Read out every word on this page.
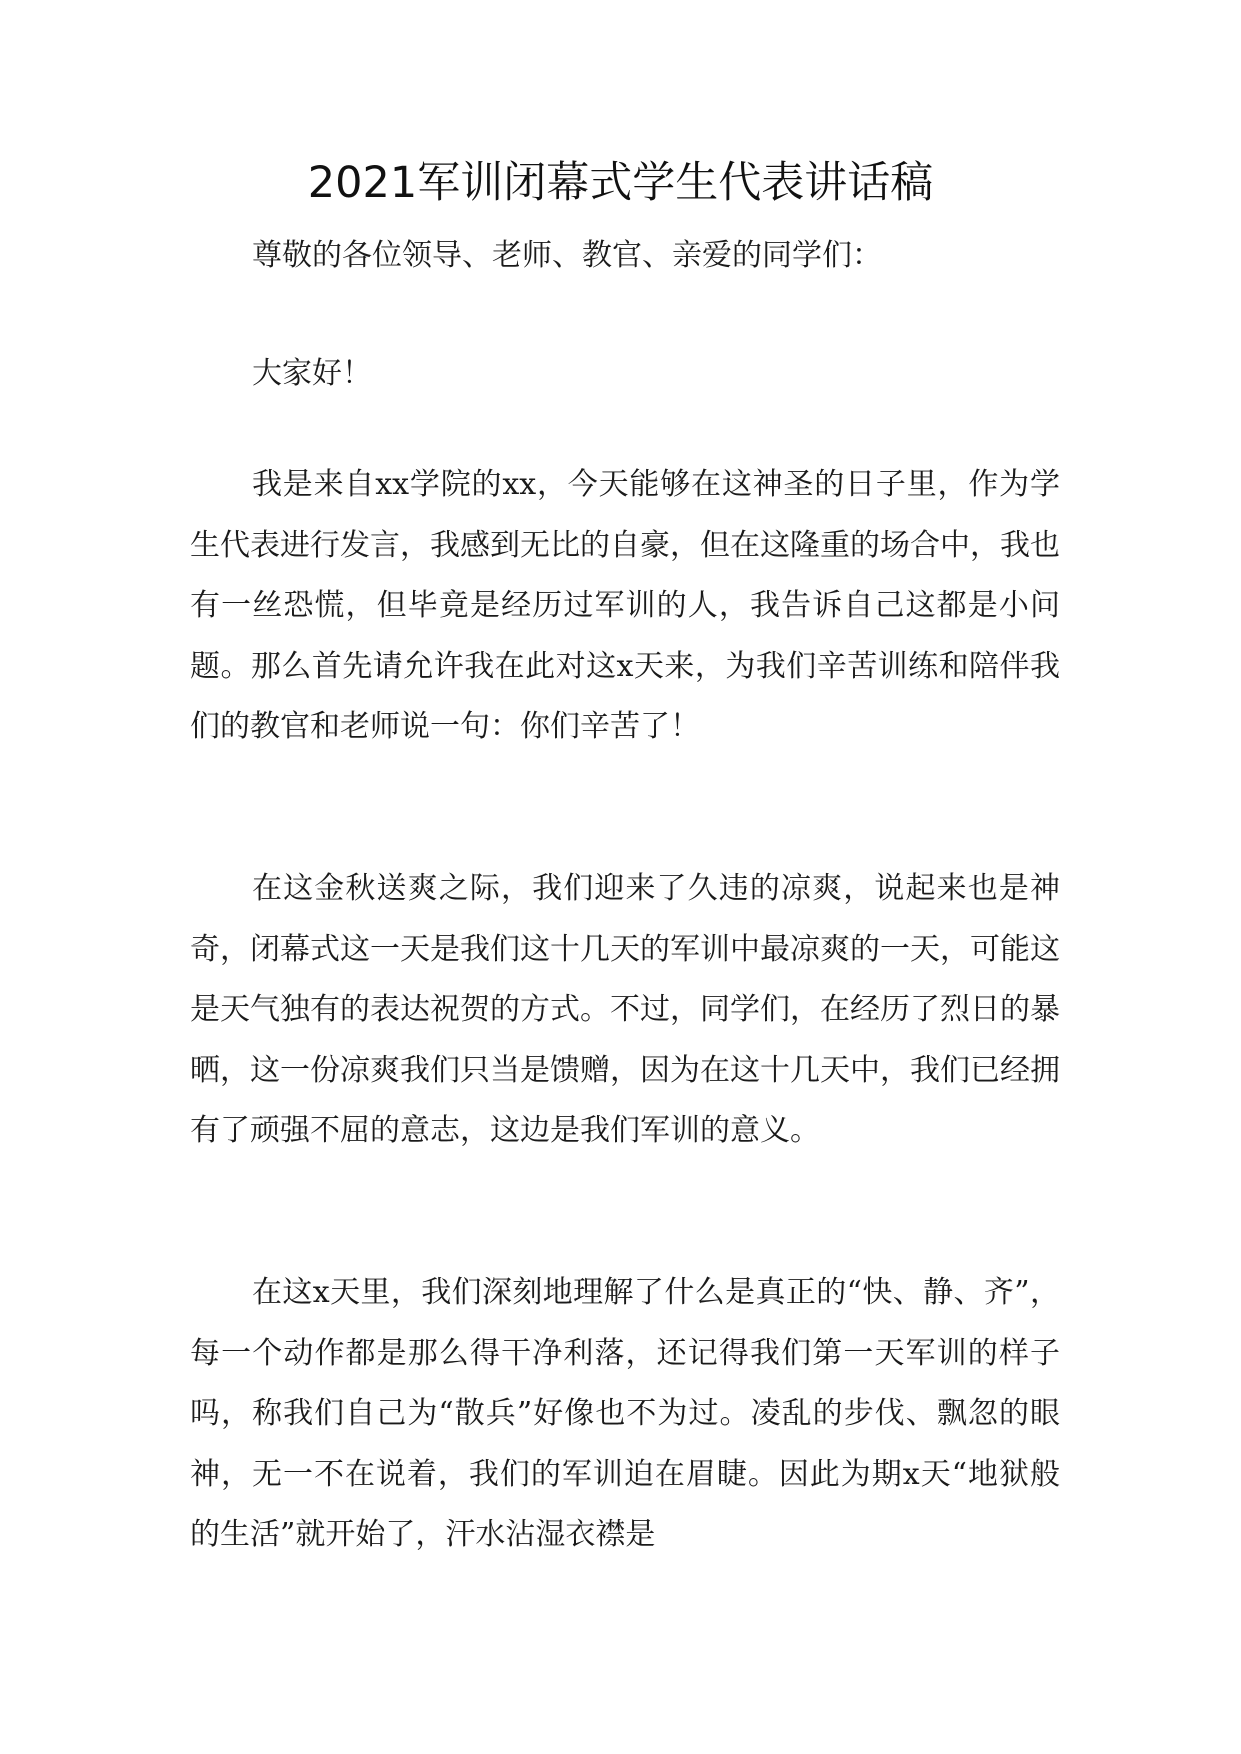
2021军训闭幕式学生代表讲话稿

尊敬的各位领导、老师、教官、亲爱的同学们：

大家好！

我是来自xx学院的xx，今天能够在这神圣的日子里，作为学生代表进行发言，我感到无比的自豪，但在这隆重的场合中，我也有一丝恐慌，但毕竟是经历过军训的人，我告诉自己这都是小问题。那么首先请允许我在此对这x天来，为我们辛苦训练和陪伴我们的教官和老师说一句：你们辛苦了！

在这金秋送爽之际，我们迎来了久违的凉爽，说起来也是神奇，闭幕式这一天是我们这十几天的军训中最凉爽的一天，可能这是天气独有的表达祝贺的方式。不过，同学们，在经历了烈日的暴晒，这一份凉爽我们只当是馈赠，因为在这十几天中，我们已经拥有了顽强不屈的意志，这边是我们军训的意义。

在这x天里，我们深刻地理解了什么是真正的“快、静、齐”，每一个动作都是那么得干净利落，还记得我们第一天军训的样子吗，称我们自己为“散兵”好像也不为过。凌乱的步伐、飘忽的眼神，无一不在说着，我们的军训迫在眉睫。因此为期x天“地狱般的生活”就开始了，汗水沾湿衣襟是
